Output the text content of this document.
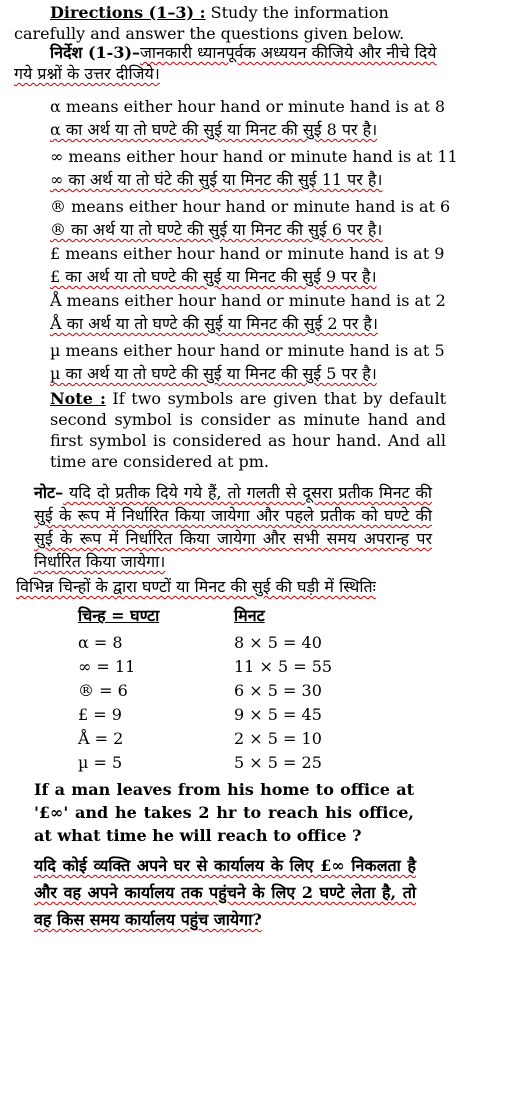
Directions (1–3) : Study the information carefully and answer the questions given below.
निर्देश (1-3)–जानकारी ध्यानपूर्वक अध्ययन कीजिये और नीचे दिये गये प्रश्नों के उत्तर दीजिये।
α means either hour hand or minute hand is at 8
α का अर्थ या तो घण्टे की सुई या मिनट की सुई 8 पर है।
∞ means either hour hand or minute hand is at 11
∞ का अर्थ या तो घंटे की सुई या मिनट की सुई 11 पर है।
® means either hour hand or minute hand is at 6
® का अर्थ या तो घण्टे की सुई या मिनट की सुई 6 पर है।
£ means either hour hand or minute hand is at 9
£ का अर्थ या तो घण्टे की सुई या मिनट की सुई 9 पर है।
Å means either hour hand or minute hand is at 2
Å का अर्थ या तो घण्टे की सुई या मिनट की सुई 2 पर है।
µ means either hour hand or minute hand is at 5
µ का अर्थ या तो घण्टे की सुई या मिनट की सुई 5 पर है।
Note : If two symbols are given that by default second symbol is consider as minute hand and first symbol is considered as hour hand. And all time are considered at pm.
नोट– यदि दो प्रतीक दिये गये हैं, तो गलती से दूसरा प्रतीक मिनट की सुई के रूप में निर्धारित किया जायेगा और पहले प्रतीक को घण्टे की सुई के रूप में निर्धारित किया जायेगा और सभी समय अपरान्ह पर निर्धारित किया जायेगा।
विभिन्न चिन्हों के द्वारा घण्टों या मिनट की सुई की घड़ी में स्थितिः
चिन्ह = घण्टा	मिनट
α = 8	8 × 5 = 40
∞ = 11	11 × 5 = 55
® = 6	6 × 5 = 30
£ = 9	9 × 5 = 45
Å = 2	2 × 5 = 10
µ = 5	5 × 5 = 25
If a man leaves from his home to office at '£∞' and he takes 2 hr to reach his office, at what time he will reach to office ?
यदि कोई व्यक्ति अपने घर से कार्यालय के लिए £∞ निकलता है और वह अपने कार्यालय तक पहुंचने के लिए 2 घण्टे लेता है, तो वह किस समय कार्यालय पहुंच जायेगा?
